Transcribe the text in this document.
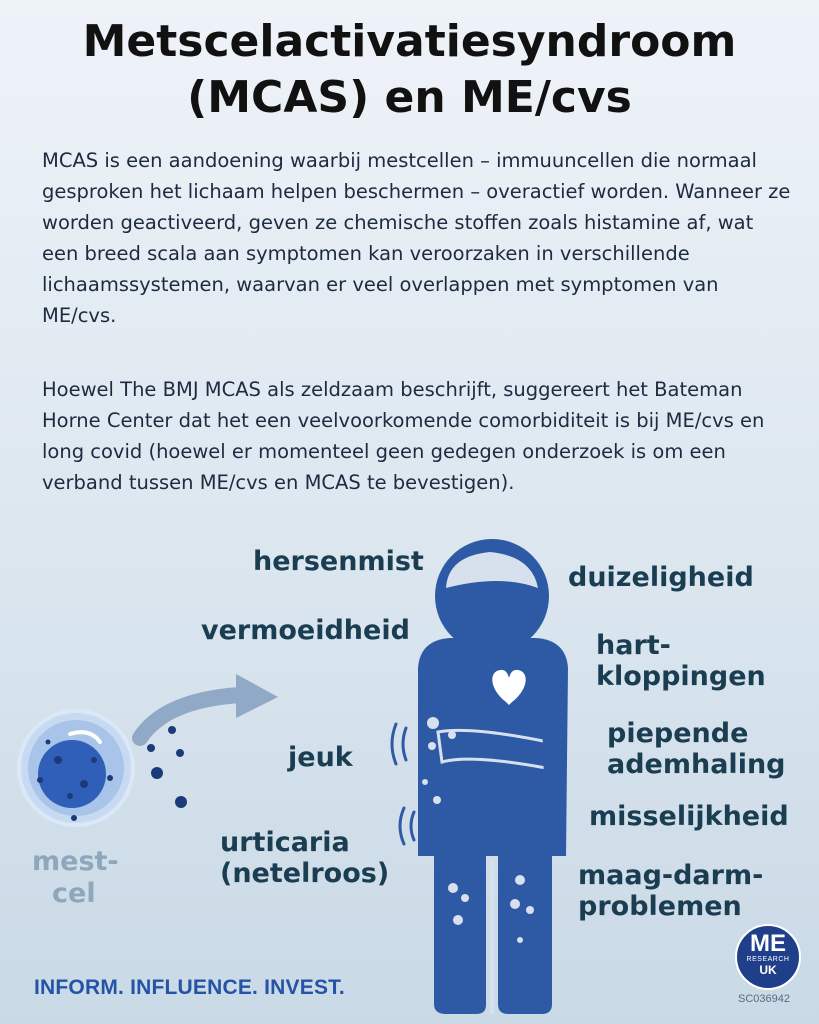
Metscelactivatiesyndroom
(MCAS) en ME/cvs

MCAS is een aandoening waarbij mestcellen – immuuncellen die normaal gesproken het lichaam helpen beschermen – overactief worden. Wanneer ze worden geactiveerd, geven ze chemische stoffen zoals histamine af, wat een breed scala aan symptomen kan veroorzaken in verschillende lichaamssystemen, waarvan er veel overlappen met symptomen van ME/cvs.

Hoewel The BMJ MCAS als zeldzaam beschrijft, suggereert het Bateman Horne Center dat het een veelvoorkomende comorbiditeit is bij ME/cvs en long covid (hoewel er momenteel geen gedegen onderzoek is om een verband tussen ME/cvs en MCAS te bevestigen).

hersenmist
vermoeidheid
jeuk
urticaria
(netelroos)
duizeligheid
hart-
kloppingen
piepende
ademhaling
misselijkheid
maag-darm-
problemen
mest-
cel
INFORM. INFLUENCE. INVEST.
ME
RESEARCH
UK
SC036942
